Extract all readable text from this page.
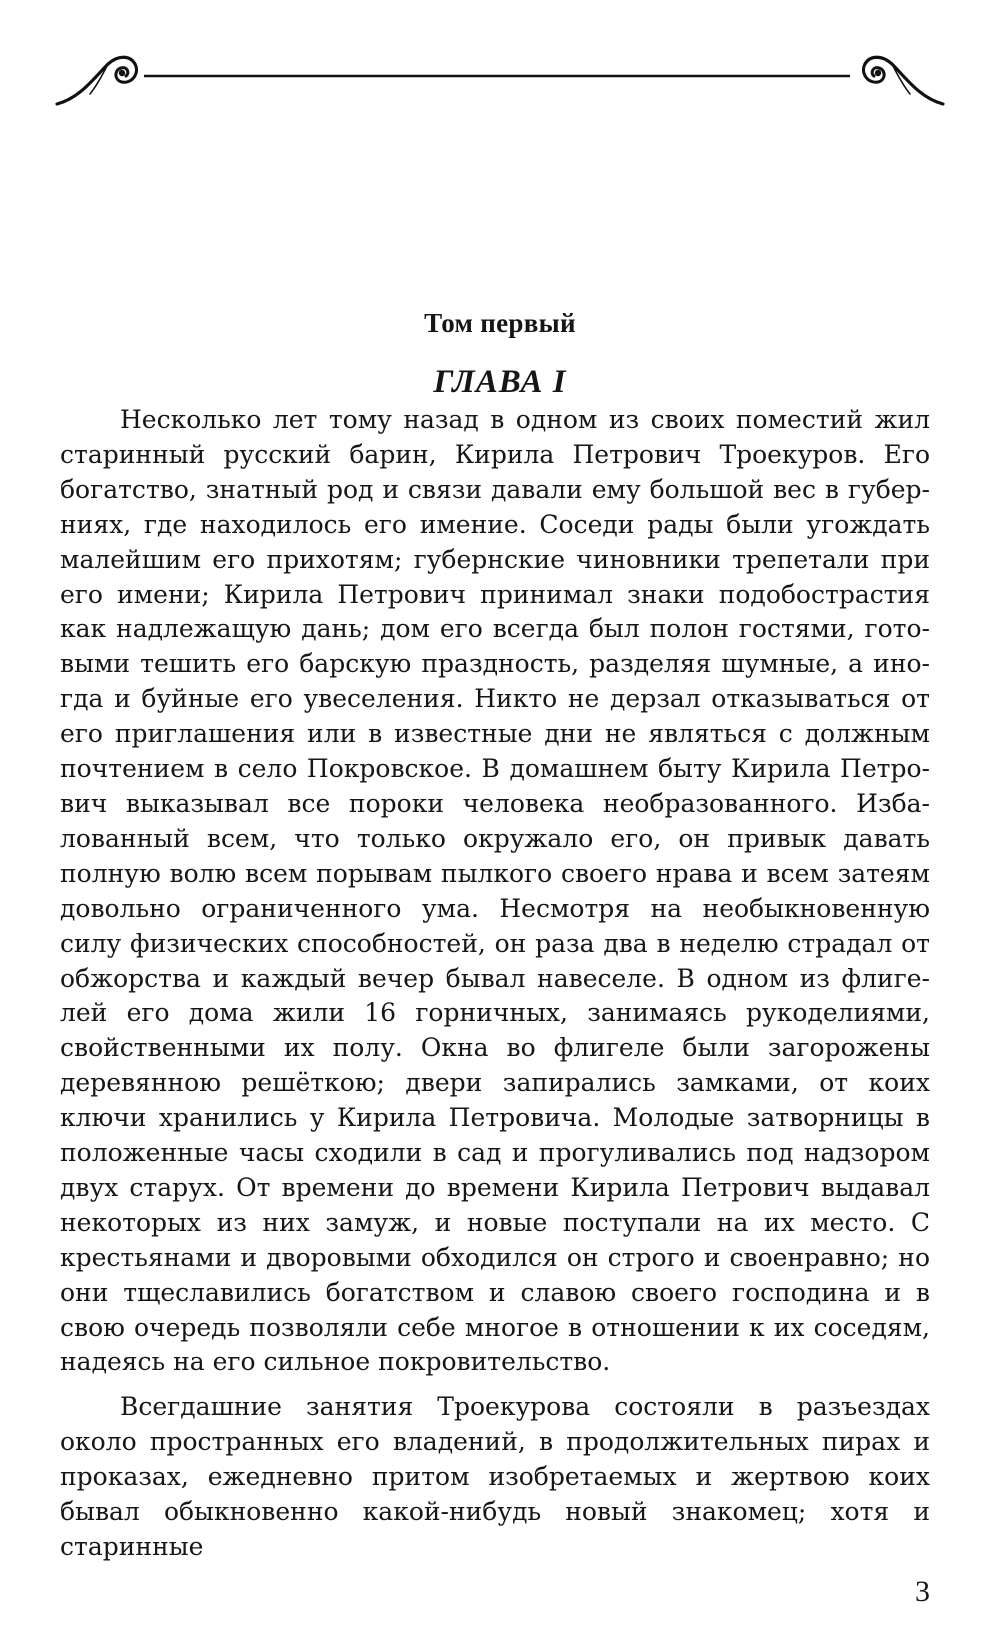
Том первый
ГЛАВА I

Несколько лет тому назад в одном из своих поместий жил старинный русский барин, Кирила Петрович Троекуров. Его богатство, знатный род и связи давали ему большой вес в губерниях, где находилось его имение. Соседи рады были угождать малейшим его прихотям; губернские чиновники трепетали при его имени; Кирила Петрович принимал знаки подобострастия как надлежащую дань; дом его всегда был полон гостями, готовыми тешить его барскую праздность, разделяя шумные, а иногда и буйные его увеселения. Никто не дерзал отказываться от его приглашения или в известные дни не являться с должным почтением в село Покровское. В домашнем быту Кирила Петрович выказывал все пороки человека необразованного. Избалованный всем, что только окружало его, он привык давать полную волю всем порывам пылкого своего нрава и всем затеям довольно ограниченного ума. Несмотря на необыкновенную силу физических способностей, он раза два в неделю страдал от обжорства и каждый вечер бывал навеселе. В одном из флигелей его дома жили 16 горничных, занимаясь рукоделиями, свойственными их полу. Окна во флигеле были загорожены деревянною решёткою; двери запирались замками, от коих ключи хранились у Кирила Петровича. Молодые затворницы в положенные часы сходили в сад и прогуливались под надзором двух старух. От времени до времени Кирила Петрович выдавал некоторых из них замуж, и новые поступали на их место. С крестьянами и дворовыми обходился он строго и своенравно; но они тщеславились богатством и славою своего господина и в свою очередь позволяли себе многое в отношении к их соседям, надеясь на его сильное покровительство.

Всегдашние занятия Троекурова состояли в разъездах около пространных его владений, в продолжительных пирах и проказах, ежедневно притом изобретаемых и жертвою коих бывал обыкновенно какой-нибудь новый знакомец; хотя и старинные

3
